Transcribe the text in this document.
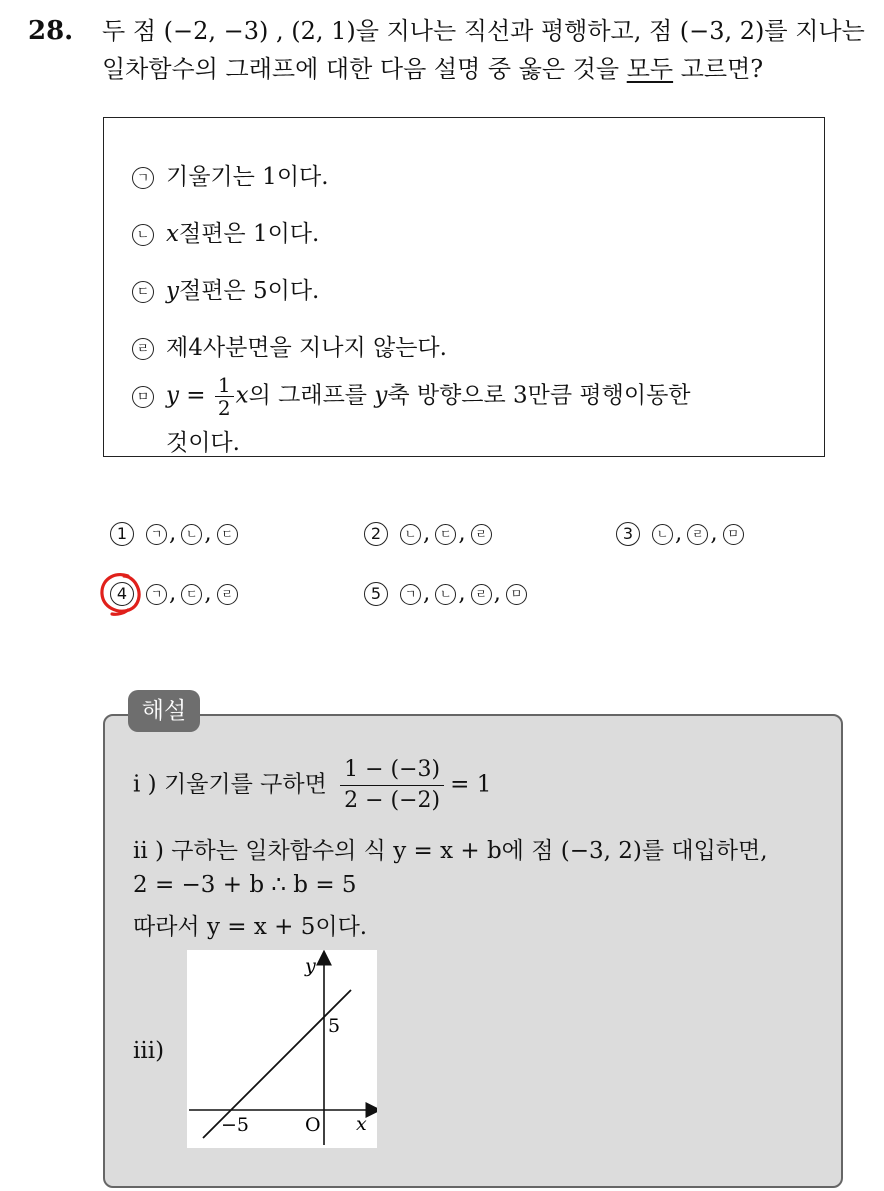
28. 두 점 (−2, −3) , (2, 1)을 지나는 직선과 평행하고, 점 (−3, 2)를 지나는
일차함수의 그래프에 대한 다음 설명 중 옳은 것을 모두 고르면?
ㄱ 기울기는 1이다.
ㄴ x절편은 1이다.
ㄷ y절편은 5이다.
ㄹ 제4사분면을 지나지 않는다.
ㅁ $y = \frac{1}{2}$ x의 그래프를 y축 방향으로 3만큼 평행이동한
것이다.
1 ㄱ , ㄴ , ㄷ	2 ㄴ , ㄷ , ㄹ	3 ㄴ , ㄹ , ㅁ
4 ㄱ , ㄷ , ㄹ	5 ㄱ , ㄴ , ㄹ , ㅁ
해설
i ) 기울기를 구하면 $\frac{1 - (-3)}{2 - (-2)} = 1$
ii ) 구하는 일차함수의 식 y = x + b에 점 (−3, 2)를 대입하면,
2 = −3 + b ∴ b = 5
따라서 y = x + 5이다.
iii)
y
x
O
5
−5
